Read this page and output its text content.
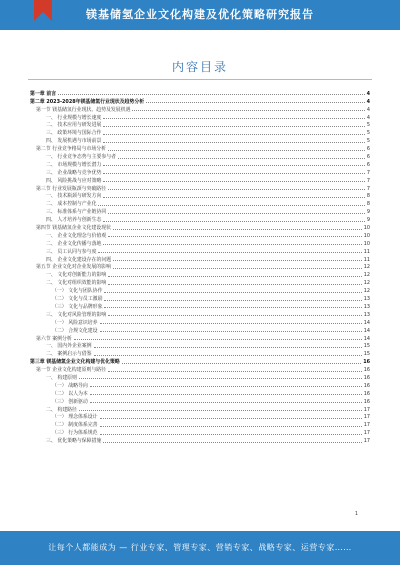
镁基储氢企业文化构建及优化策略研究报告
内容目录
第一章 前言	4
第二章 2023-2028年镁基储氢行业现状及趋势分析	4
第一节 镁基储氢行业现状、趋势及发展机遇	4
一、 行业规模与增长速度	4
二、 技术应用与研发进展	5
三、 政策环境与国际合作	5
四、 发展机遇与市场前景	5
第二节 行业竞争格局与市场分析	6
一、 行业竞争态势与主要参与者	6
二、 市场规模与增长潜力	6
三、 企业战略与竞争优势	7
四、 风险挑战与应对策略	7
第三节 行业发展瓶颈与突破路径	7
一、 技术瓶颈与研发方向	8
二、 成本控制与产业化	8
三、 标准体系与产业链协同	9
四、 人才培养与创新生态	9
第四节 镁基储氢企业文化建设现状	10
一、 企业文化理念与价值观	10
二、 企业文化传播与落地	10
三、 员工认同与参与度	11
四、 企业文化建设存在的问题	11
第五节 企业文化对企业发展的影响	12
一、 文化对创新能力的影响	12
二、 文化对组织效能的影响	12
（一） 文化与团队协作	12
（二） 文化与员工激励	13
（三） 文化与品牌形象	13
三、 文化对风险管理的影响	13
（一） 风险意识培养	14
（二） 合规文化建设	14
第六节 案例分析	14
一、 国内外企业案例	15
二、 案例启示与借鉴	15
第三章 镁基储氢企业文化构建与优化策略	16
第一节 企业文化构建原则与路径	16
一、 构建原则	16
（一） 战略导向	16
（二） 以人为本	16
（三） 创新驱动	16
二、 构建路径	17
（一） 理念体系设计	17
（二） 制度体系完善	17
（三） 行为体系规范	17
三、 优化策略与保障措施	17
1
让每个人都能成为 — 行业专家、管理专家、营销专家、战略专家、运营专家……
